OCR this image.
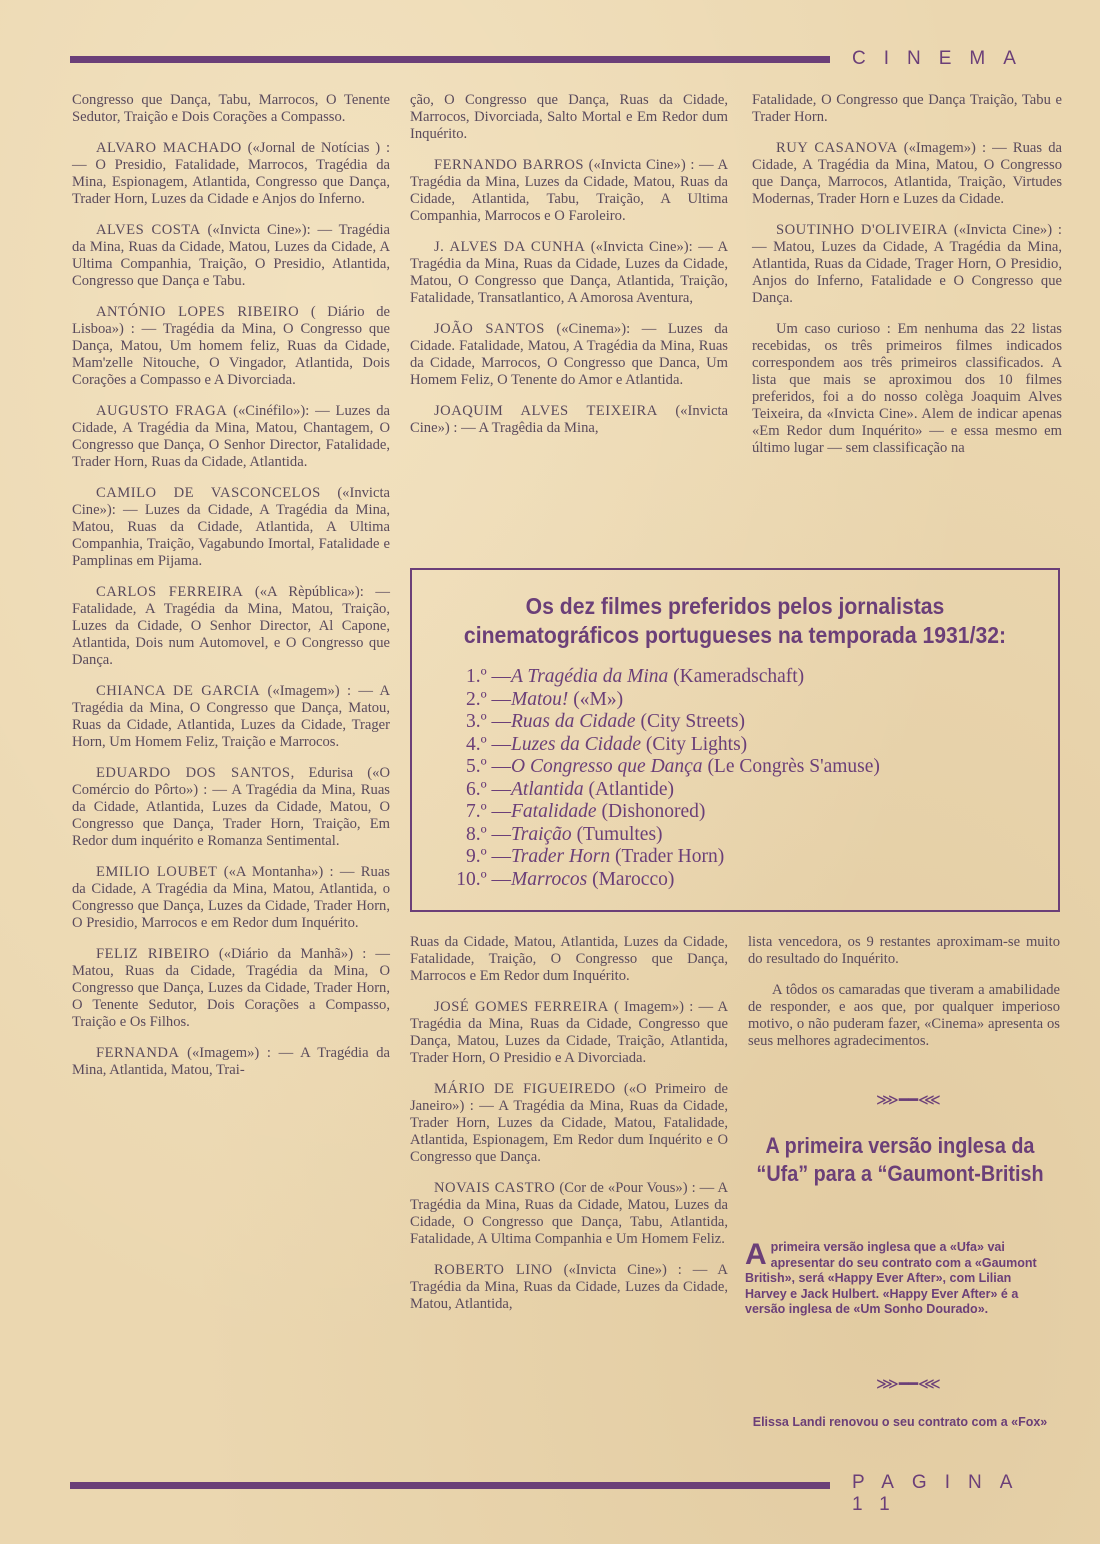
CINEMA

Congresso que Dança, Tabu, Marrocos, O Tenente Sedutor, Traição e Dois Corações a Compasso.

ALVARO MACHADO («Jornal de Notícias ) : — O Presidio, Fatalidade, Marrocos, Tragédia da Mina, Espionagem, Atlantida, Congresso que Dança, Trader Horn, Luzes da Cidade e Anjos do Inferno.

ALVES COSTA («Invicta Cine»): — Tragédia da Mina, Ruas da Cidade, Matou, Luzes da Cidade, A Ultima Companhia, Traição, O Presidio, Atlantida, Congresso que Dança e Tabu.

ANTÓNIO LOPES RIBEIRO ( Diário de Lisboa») : — Tragédia da Mina, O Congresso que Dança, Matou, Um homem feliz, Ruas da Cidade, Mam'zelle Nitouche, O Vingador, Atlantida, Dois Corações a Compasso e A Divorciada.

AUGUSTO FRAGA («Cinéfilo»): — Luzes da Cidade, A Tragédia da Mina, Matou, Chantagem, O Congresso que Dança, O Senhor Director, Fatalidade, Trader Horn, Ruas da Cidade, Atlantida.

CAMILO DE VASCONCELOS («Invicta Cine»): — Luzes da Cidade, A Tragédia da Mina, Matou, Ruas da Cidade, Atlantida, A Ultima Companhia, Traição, Vagabundo Imortal, Fatalidade e Pamplinas em Pijama.

CARLOS FERREIRA («A Rèpública»): — Fatalidade, A Tragédia da Mina, Matou, Traição, Luzes da Cidade, O Senhor Director, Al Capone, Atlantida, Dois num Automovel, e O Congresso que Dança.

CHIANCA DE GARCIA («Imagem») : — A Tragédia da Mina, O Congresso que Dança, Matou, Ruas da Cidade, Atlantida, Luzes da Cidade, Trager Horn, Um Homem Feliz, Traição e Marrocos.

EDUARDO DOS SANTOS, Edurisa («O Comércio do Pôrto») : — A Tragédia da Mina, Ruas da Cidade, Atlantida, Luzes da Cidade, Matou, O Congresso que Dança, Trader Horn, Traição, Em Redor dum inquérito e Romanza Sentimental.

EMILIO LOUBET («A Montanha») : — Ruas da Cidade, A Tragédia da Mina, Matou, Atlantida, o Congresso que Dança, Luzes da Cidade, Trader Horn, O Presidio, Marrocos e em Redor dum Inquérito.

FELIZ RIBEIRO («Diário da Manhã») : — Matou, Ruas da Cidade, Tragédia da Mina, O Congresso que Dança, Luzes da Cidade, Trader Horn, O Tenente Sedutor, Dois Corações a Compasso, Traição e Os Filhos.

FERNANDA («Imagem») : — A Tragédia da Mina, Atlantida, Matou, Trai-

ção, O Congresso que Dança, Ruas da Cidade, Marrocos, Divorciada, Salto Mortal e Em Redor dum Inquérito.

FERNANDO BARROS («Invicta Cine») : — A Tragédia da Mina, Luzes da Cidade, Matou, Ruas da Cidade, Atlantida, Tabu, Traição, A Ultima Companhia, Marrocos e O Faroleiro.

J. ALVES DA CUNHA («Invicta Cine»): — A Tragédia da Mina, Ruas da Cidade, Luzes da Cidade, Matou, O Congresso que Dança, Atlantida, Traição, Fatalidade, Transatlantico, A Amorosa Aventura,

JOÃO SANTOS («Cinema»): — Luzes da Cidade. Fatalidade, Matou, A Tragédia da Mina, Ruas da Cidade, Marrocos, O Congresso que Danca, Um Homem Feliz, O Tenente do Amor e Atlantida.

JOAQUIM ALVES TEIXEIRA («Invicta Cine») : — A Tragêdia da Mina,

Fatalidade, O Congresso que Dança Traição, Tabu e Trader Horn.

RUY CASANOVA («Imagem») : — Ruas da Cidade, A Tragédia da Mina, Matou, O Congresso que Dança, Marrocos, Atlantida, Traição, Virtudes Modernas, Trader Horn e Luzes da Cidade.

SOUTINHO D'OLIVEIRA («Invicta Cine») : — Matou, Luzes da Cidade, A Tragédia da Mina, Atlantida, Ruas da Cidade, Trager Horn, O Presidio, Anjos do Inferno, Fatalidade e O Congresso que Dança.

Um caso curioso : Em nenhuma das 22 listas recebidas, os três primeiros filmes indicados correspondem aos três primeiros classificados. A lista que mais se aproximou dos 10 filmes preferidos, foi a do nosso colèga Joaquim Alves Teixeira, da «Invicta Cine». Alem de indicar apenas «Em Redor dum Inquérito» — e essa mesmo em último lugar — sem classificação na

Os dez filmes preferidos pelos jornalistas cinematográficos portugueses na temporada 1931/32:
1.º —A Tragédia da Mina (Kameradschaft)
2.º —Matou! («M»)
3.º —Ruas da Cidade (City Streets)
4.º —Luzes da Cidade (City Lights)
5.º —O Congresso que Dança (Le Congrès S'amuse)
6.º —Atlantida (Atlantide)
7.º —Fatalidade (Dishonored)
8.º —Traição (Tumultes)
9.º —Trader Horn (Trader Horn)
10.º —Marrocos (Marocco)

Ruas da Cidade, Matou, Atlantida, Luzes da Cidade, Fatalidade, Traição, O Congresso que Dança, Marrocos e Em Redor dum Inquérito.

JOSÉ GOMES FERREIRA ( Imagem») : — A Tragédia da Mina, Ruas da Cidade, Congresso que Dança, Matou, Luzes da Cidade, Traição, Atlantida, Trader Horn, O Presidio e A Divorciada.

MÁRIO DE FIGUEIREDO («O Primeiro de Janeiro») : — A Tragédia da Mina, Ruas da Cidade, Trader Horn, Luzes da Cidade, Matou, Fatalidade, Atlantida, Espionagem, Em Redor dum Inquérito e O Congresso que Dança.

NOVAIS CASTRO (Cor de «Pour Vous») : — A Tragédia da Mina, Ruas da Cidade, Matou, Luzes da Cidade, O Congresso que Dança, Tabu, Atlantida, Fatalidade, A Ultima Companhia e Um Homem Feliz.

ROBERTO LINO («Invicta Cine») : — A Tragédia da Mina, Ruas da Cidade, Luzes da Cidade, Matou, Atlantida,

lista vencedora, os 9 restantes aproximam-se muito do resultado do Inquérito.

A tôdos os camaradas que tiveram a amabilidade de responder, e aos que, por qualquer imperioso motivo, o não puderam fazer, «Cinema» apresenta os seus melhores agradecimentos.

⋙━━⋘
A primeira versão inglesa da “Ufa” para a “Gaumont-British
A primeira versão inglesa que a «Ufa» vai apresentar do seu contrato com a «Gaumont British», será «Happy Ever After», com Lilian Harvey e Jack Hulbert. «Happy Ever After» é a versão inglesa de «Um Sonho Dourado».
⋙━━⋘
Elissa Landi renovou o seu contrato com a «Fox»
PAGINA 11
